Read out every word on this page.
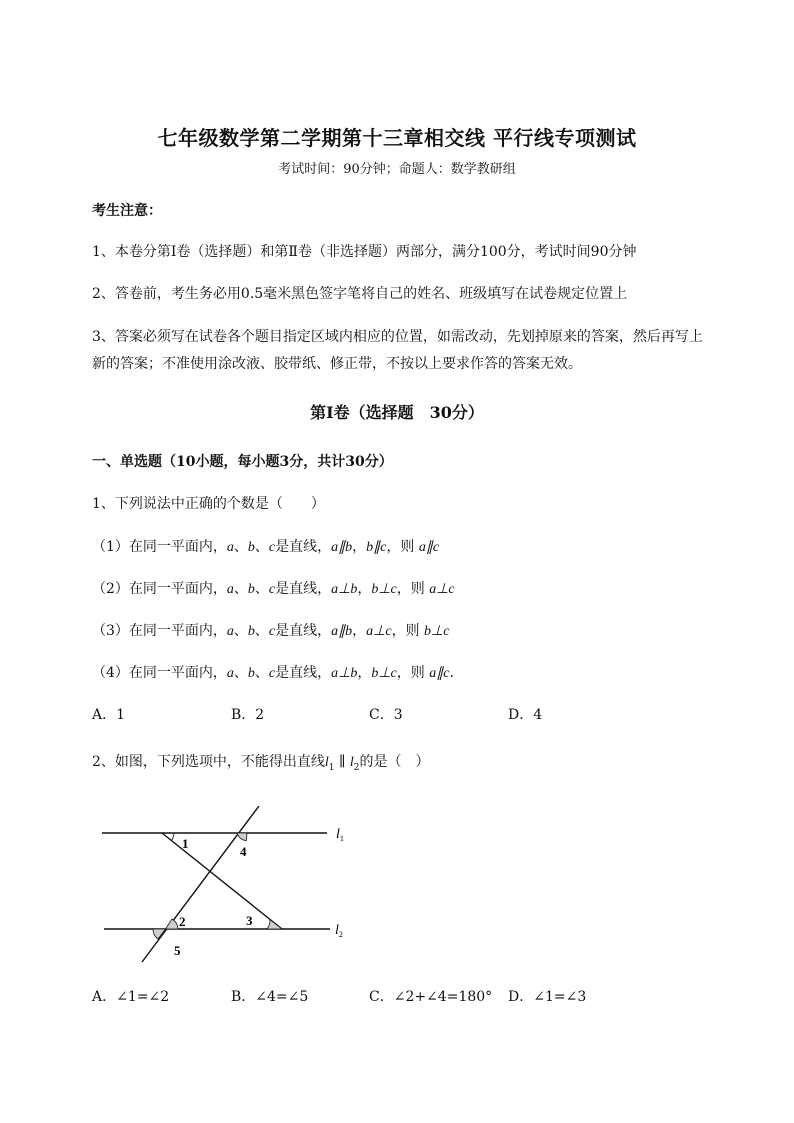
七年级数学第二学期第十三章相交线 平行线专项测试
考试时间：90分钟；命题人：数学教研组
考生注意：
1、本卷分第I卷（选择题）和第Ⅱ卷（非选择题）两部分，满分100分，考试时间90分钟
2、答卷前，考生务必用0.5毫米黑色签字笔将自己的姓名、班级填写在试卷规定位置上
3、答案必须写在试卷各个题目指定区域内相应的位置，如需改动，先划掉原来的答案，然后再写上新的答案；不准使用涂改液、胶带纸、修正带，不按以上要求作答的答案无效。
第I卷（选择题　30分）
一、单选题（10小题，每小题3分，共计30分）
1、下列说法中正确的个数是（　　）
（1）在同一平面内，a、b、c是直线，a∥b，b∥c，则 a∥c
（2）在同一平面内，a、b、c是直线，a⊥b，b⊥c，则 a⊥c
（3）在同一平面内，a、b、c是直线，a∥b，a⊥c，则 b⊥c
（4）在同一平面内，a、b、c是直线，a⊥b，b⊥c，则 a∥c.
A．1	B．2	C．3	D．4
2、如图，下列选项中，不能得出直线$l_1$ ∥ $l_2$的是（　）
1
4
2	3
5
$l_1$
$l_2$
A．∠1=∠2	B．∠4=∠5	C．∠2+∠4=180° D．∠1=∠3
